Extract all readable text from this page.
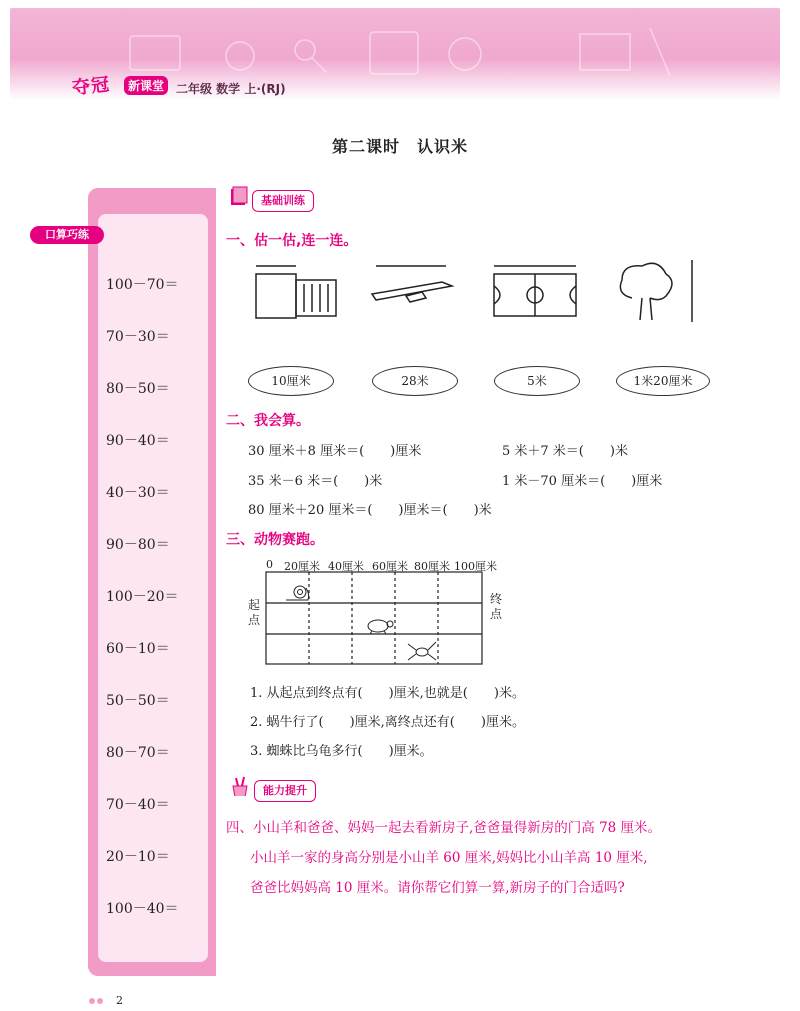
夺冠	新课堂 二年级 数学 上·(RJ)
第二课时　认识米
口算巧练
100－70＝
70－30＝
80－50＝
90－40＝
40－30＝
90－80＝
100－20＝
60－10＝
50－50＝
80－70＝
70－40＝
20－10＝
100－40＝
基础训练
一、估一估,连一连。
10厘米	28米	5米	1米20厘米
二、我会算。
30 厘米＋8 厘米＝(　　)厘米	5 米＋7 米＝(　　)米
35 米－6 米＝(　　)米	1 米－70 厘米＝(　　)厘米
80 厘米＋20 厘米＝(　　)厘米＝(　　)米
三、动物赛跑。
0 20厘米 40厘米 60厘米 80厘米 100厘米
起点
终点
1. 从起点到终点有(　　)厘米,也就是(　　)米。
2. 蜗牛行了(　　)厘米,离终点还有(　　)厘米。
3. 蜘蛛比乌龟多行(　　)厘米。
能力提升
四、小山羊和爸爸、妈妈一起去看新房子,爸爸量得新房的门高 78 厘米。
小山羊一家的身高分别是小山羊 60 厘米,妈妈比小山羊高 10 厘米,
爸爸比妈妈高 10 厘米。请你帮它们算一算,新房子的门合适吗?
2
